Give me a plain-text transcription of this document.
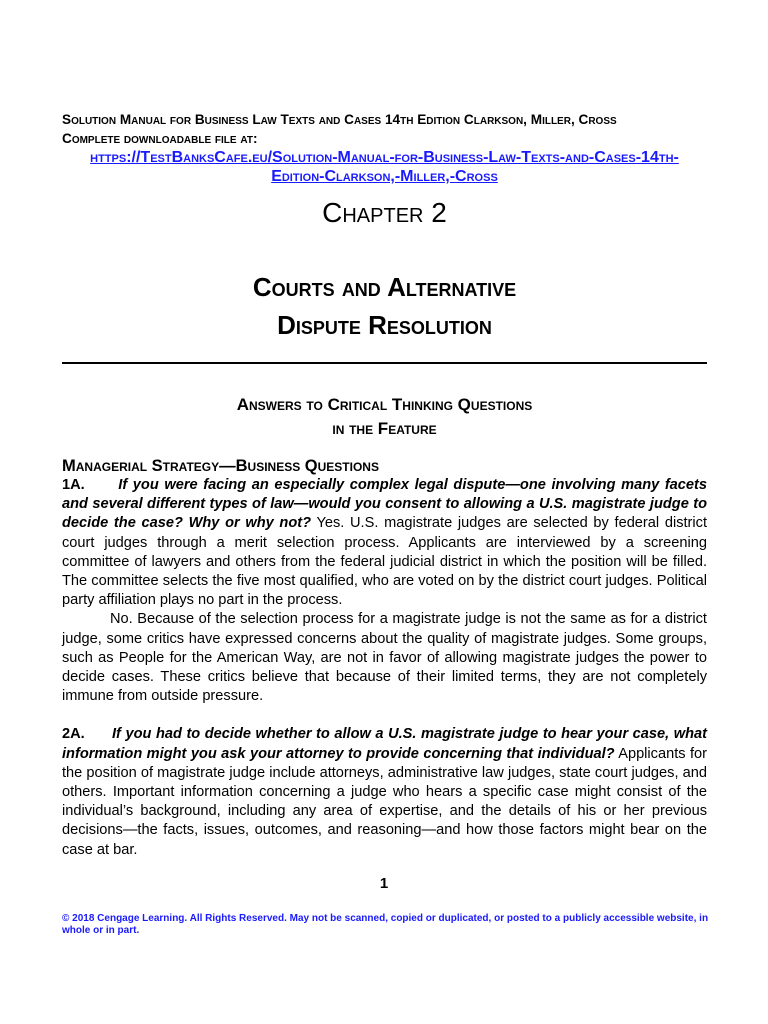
Solution Manual for Business Law Texts and Cases 14th Edition Clarkson, Miller, Cross

Complete downloadable file at:

https://TestBanksCafe.eu/Solution-Manual-for-Business-Law-Texts-and-Cases-14th-Edition-Clarkson,-Miller,-Cross
Chapter 2
Courts and Alternative
Dispute Resolution
Answers to Critical Thinking Questions
in the Feature
Managerial Strategy—Business Questions

1A. If you were facing an especially complex legal dispute—one involving many facets and several different types of law—would you consent to allowing a U.S. magistrate judge to decide the case? Why or why not? Yes. U.S. magistrate judges are selected by federal district court judges through a merit selection process. Applicants are interviewed by a screening committee of lawyers and others from the federal judicial district in which the position will be filled. The committee selects the five most qualified, who are voted on by the district court judges. Political party affiliation plays no part in the process.

No. Because of the selection process for a magistrate judge is not the same as for a district judge, some critics have expressed concerns about the quality of magistrate judges. Some groups, such as People for the American Way, are not in favor of allowing magistrate judges the power to decide cases. These critics believe that because of their limited terms, they are not completely immune from outside pressure.

2A. If you had to decide whether to allow a U.S. magistrate judge to hear your case, what information might you ask your attorney to provide concerning that individual? Applicants for the position of magistrate judge include attorneys, administrative law judges, state court judges, and others. Important information concerning a judge who hears a specific case might consist of the individual’s background, including any area of expertise, and the details of his or her previous decisions—the facts, issues, outcomes, and reasoning—and how those factors might bear on the case at bar.

1
© 2018 Cengage Learning. All Rights Reserved. May not be scanned, copied or duplicated, or posted to a publicly accessible website, in whole or in part.
